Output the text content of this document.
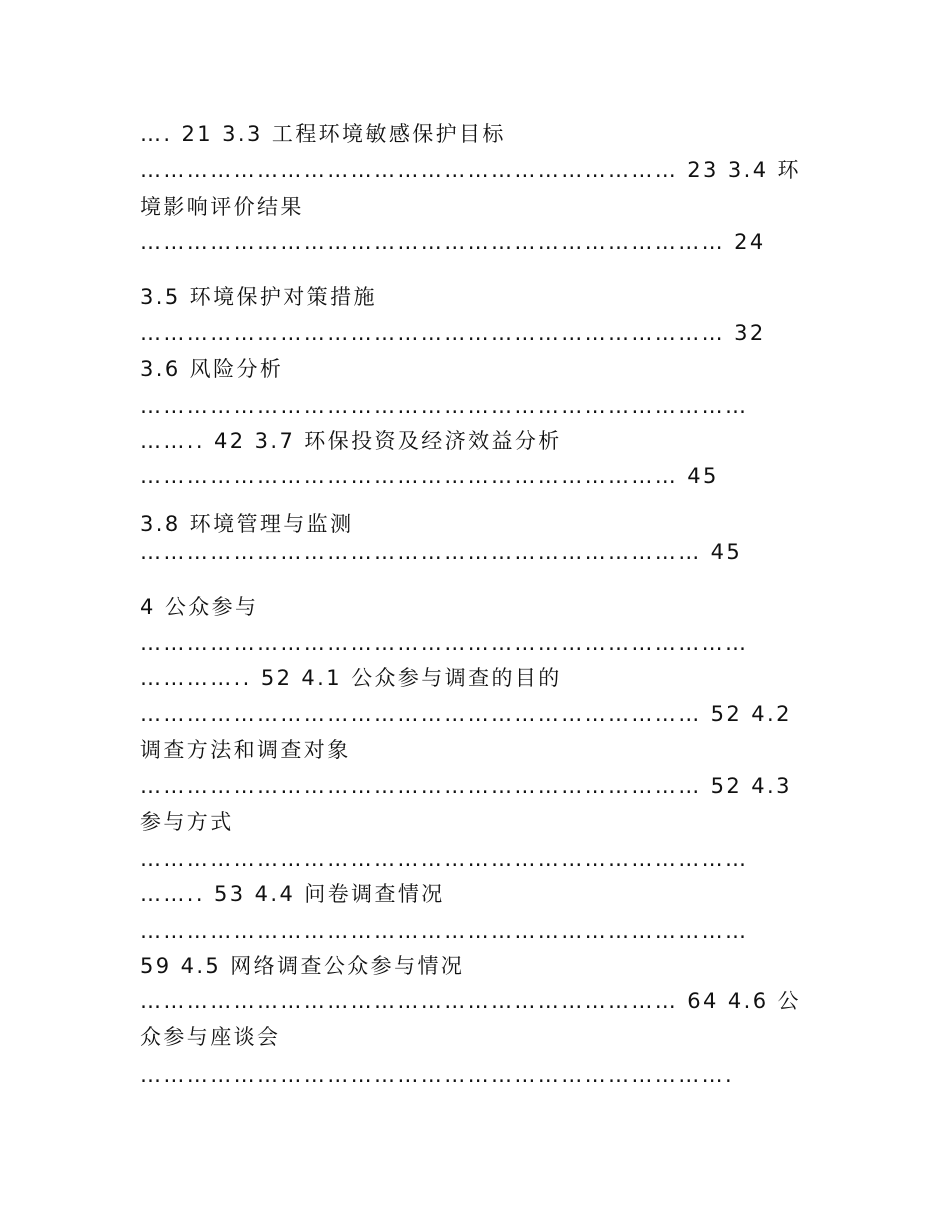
…. 21 3.3 工程环境敏感保护目标
…………………………………………………………… 23 3.4 环
境影响评价结果
………………………………………………………………… 24
3.5 环境保护对策措施
………………………………………………………………… 32
3.6 风险分析
……………………………………………………………………
…….. 42 3.7 环保投资及经济效益分析
…………………………………………………………… 45
3.8 环境管理与监测
……………………………………………………………… 45
4 公众参与
……………………………………………………………………
………….. 52 4.1 公众参与调查的目的
……………………………………………………………… 52 4.2
调查方法和调查对象
……………………………………………………………… 52 4.3
参与方式
……………………………………………………………………
…….. 53 4.4 问卷调查情况
……………………………………………………………………
59 4.5 网络调查公众参与情况
…………………………………………………………… 64 4.6 公
众参与座谈会
………………………………………………………………….
